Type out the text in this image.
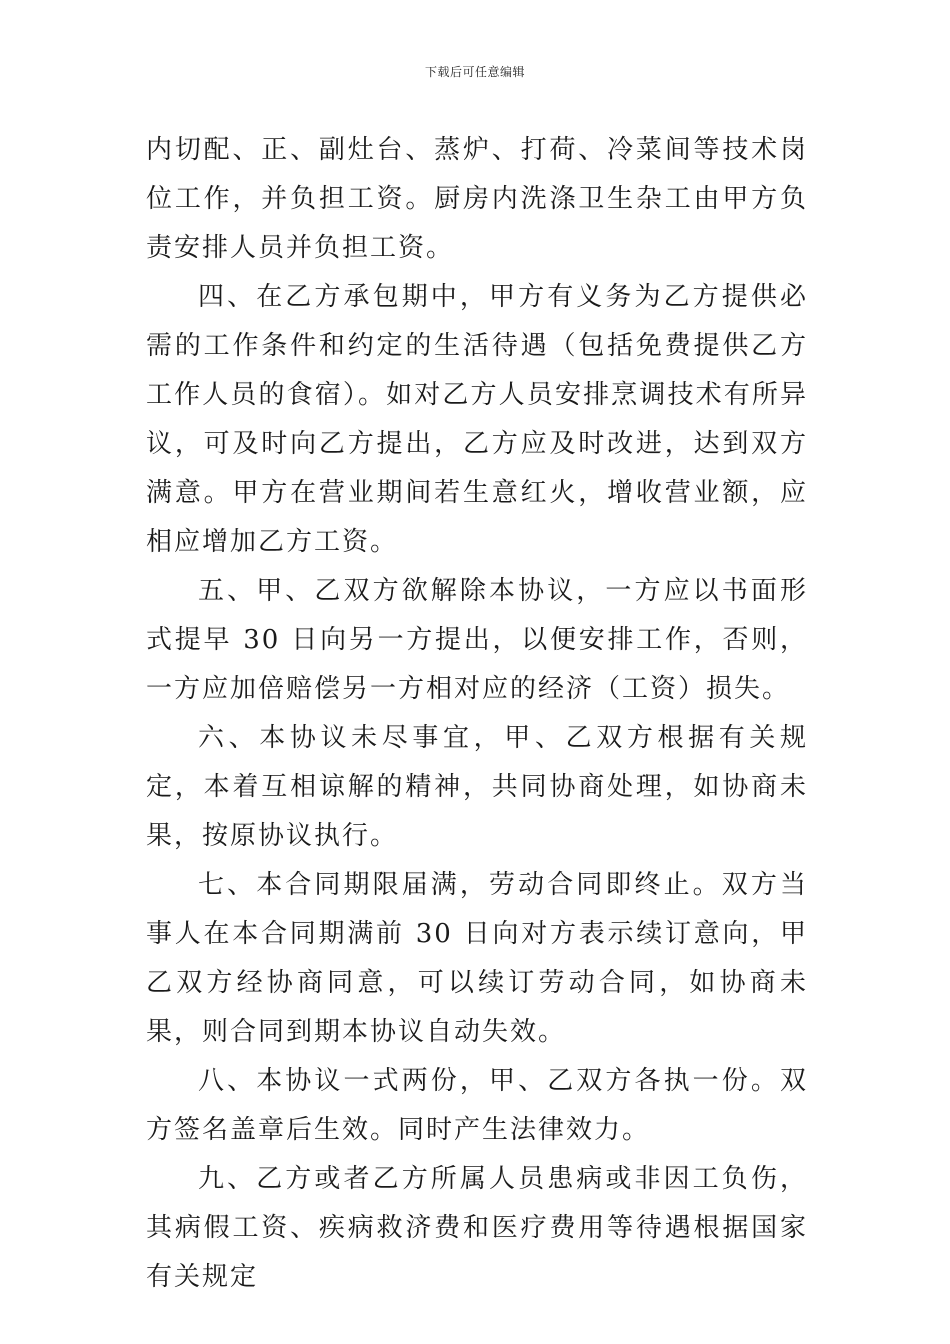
下载后可任意编辑

内切配、正、副灶台、蒸炉、打荷、冷菜间等技术岗位工作，并负担工资。厨房内洗涤卫生杂工由甲方负责安排人员并负担工资。

四、在乙方承包期中，甲方有义务为乙方提供必需的工作条件和约定的生活待遇（包括免费提供乙方工作人员的食宿）。如对乙方人员安排烹调技术有所异议，可及时向乙方提出，乙方应及时改进，达到双方满意。甲方在营业期间若生意红火，增收营业额，应相应增加乙方工资。

五、甲、乙双方欲解除本协议，一方应以书面形式提早 30 日向另一方提出，以便安排工作，否则，一方应加倍赔偿另一方相对应的经济（工资）损失。

六、本协议未尽事宜，甲、乙双方根据有关规定，本着互相谅解的精神，共同协商处理，如协商未果，按原协议执行。

七、本合同期限届满，劳动合同即终止。双方当事人在本合同期满前 30 日向对方表示续订意向，甲乙双方经协商同意，可以续订劳动合同，如协商未果，则合同到期本协议自动失效。

八、本协议一式两份，甲、乙双方各执一份。双方签名盖章后生效。同时产生法律效力。

九、乙方或者乙方所属人员患病或非因工负伤，其病假工资、疾病救济费和医疗费用等待遇根据国家有关规定
